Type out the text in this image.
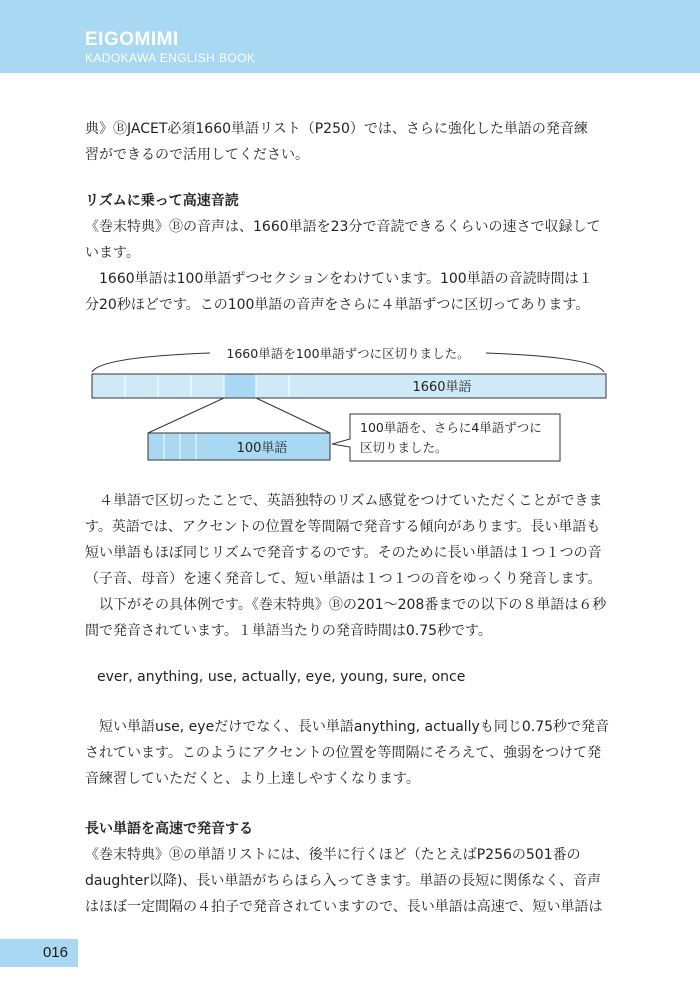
EIGOMIMI
KADOKAWA ENGLISH BOOK
典》ⒷJACET必須1660単語リスト（P250）では、さらに強化した単語の発音練
習ができるので活用してください。
リズムに乗って高速音読
《巻末特典》Ⓑの音声は、1660単語を23分で音読できるくらいの速さで収録して
います。
　1660単語は100単語ずつセクションをわけています。100単語の音読時間は１
分20秒ほどです。この100単語の音声をさらに４単語ずつに区切ってあります。
1660単語を100単語ずつに区切りました。
1660単語
100単語
100単語を、さらに4単語ずつに
区切りました。
　４単語で区切ったことで、英語独特のリズム感覚をつけていただくことができま
す。英語では、アクセントの位置を等間隔で発音する傾向があります。長い単語も
短い単語もほぼ同じリズムで発音するのです。そのために長い単語は１つ１つの音
（子音、母音）を速く発音して、短い単語は１つ１つの音をゆっくり発音します。
　以下がその具体例です。《巻末特典》Ⓑの201～208番までの以下の８単語は６秒
間で発音されています。１単語当たりの発音時間は0.75秒です。
ever, anything, use, actually, eye, young, sure, once
　短い単語use, eyeだけでなく、長い単語anything, actuallyも同じ0.75秒で発音
されています。このようにアクセントの位置を等間隔にそろえて、強弱をつけて発
音練習していただくと、より上達しやすくなります。
長い単語を高速で発音する
《巻末特典》Ⓑの単語リストには、後半に行くほど（たとえばP256の501番の
daughter以降)、長い単語がちらほら入ってきます。単語の長短に関係なく、音声
はほぼ一定間隔の４拍子で発音されていますので、長い単語は高速で、短い単語は
016
